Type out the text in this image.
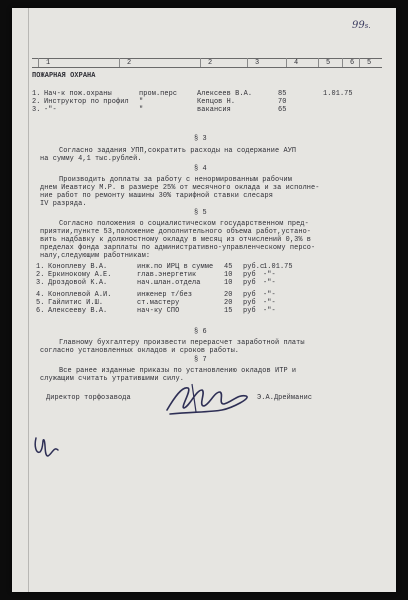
99s.
1	2	2	3	4	5	6 5
ПОЖАРНАЯ ОХРАНА
1. Нач-к пож.охраны	пром.перс	Алексеев В.А.	85	1.01.75
2. Инструктор по профил "	Кепцов Н.	70
3. -"-	"	вакансия	65
§ 3
Согласно задания УПП,сократить расходы на содержание АУП
на сумму 4,1 тыс.рублей.
§ 4
Производить доплаты за работу с ненормированным рабочим
днем Иеавтису М.Р. в размере 25% от месячного оклада и за исполне-
ние работ по ремонту машины 30% тарифной ставки слесаря
IV разряда.
§ 5
Согласно положения о социалистическом государственном пред-
приятии,пункте 53,положение дополнительного объема работ,устано-
вить надбавку к должностному окладу в месяц из отчислений 0,3% в
пределах фонда зарплаты по административно-управленческому персо-
налу,следующим работникам:
1. Коноплеву В.А.	инж.по ИРЦ в сумме 45 руб.с
1.01.75
2. Еркинокому А.Е.	глав.энергетик	10 руб -"-
3. Дроздовой К.А.	нач.шлан.отдела	10 руб -"-
4. Коноплевой А.И.	инженер т/без	20 руб -"-
5. Гайлитис И.Ш.	ст.мастеру	20 руб -"-
6. Алексееву В.А.	нач-ку СПО	15 руб -"-
§ 6
Главному бухгалтеру произвести перерасчет заработной платы
согласно установленных окладов и сроков работы.
§ 7
Все ранее изданные приказы по установлению окладов ИТР и
служащим считать утратившими силу.
Директор торфозавода	Э.А.Дрейманис
